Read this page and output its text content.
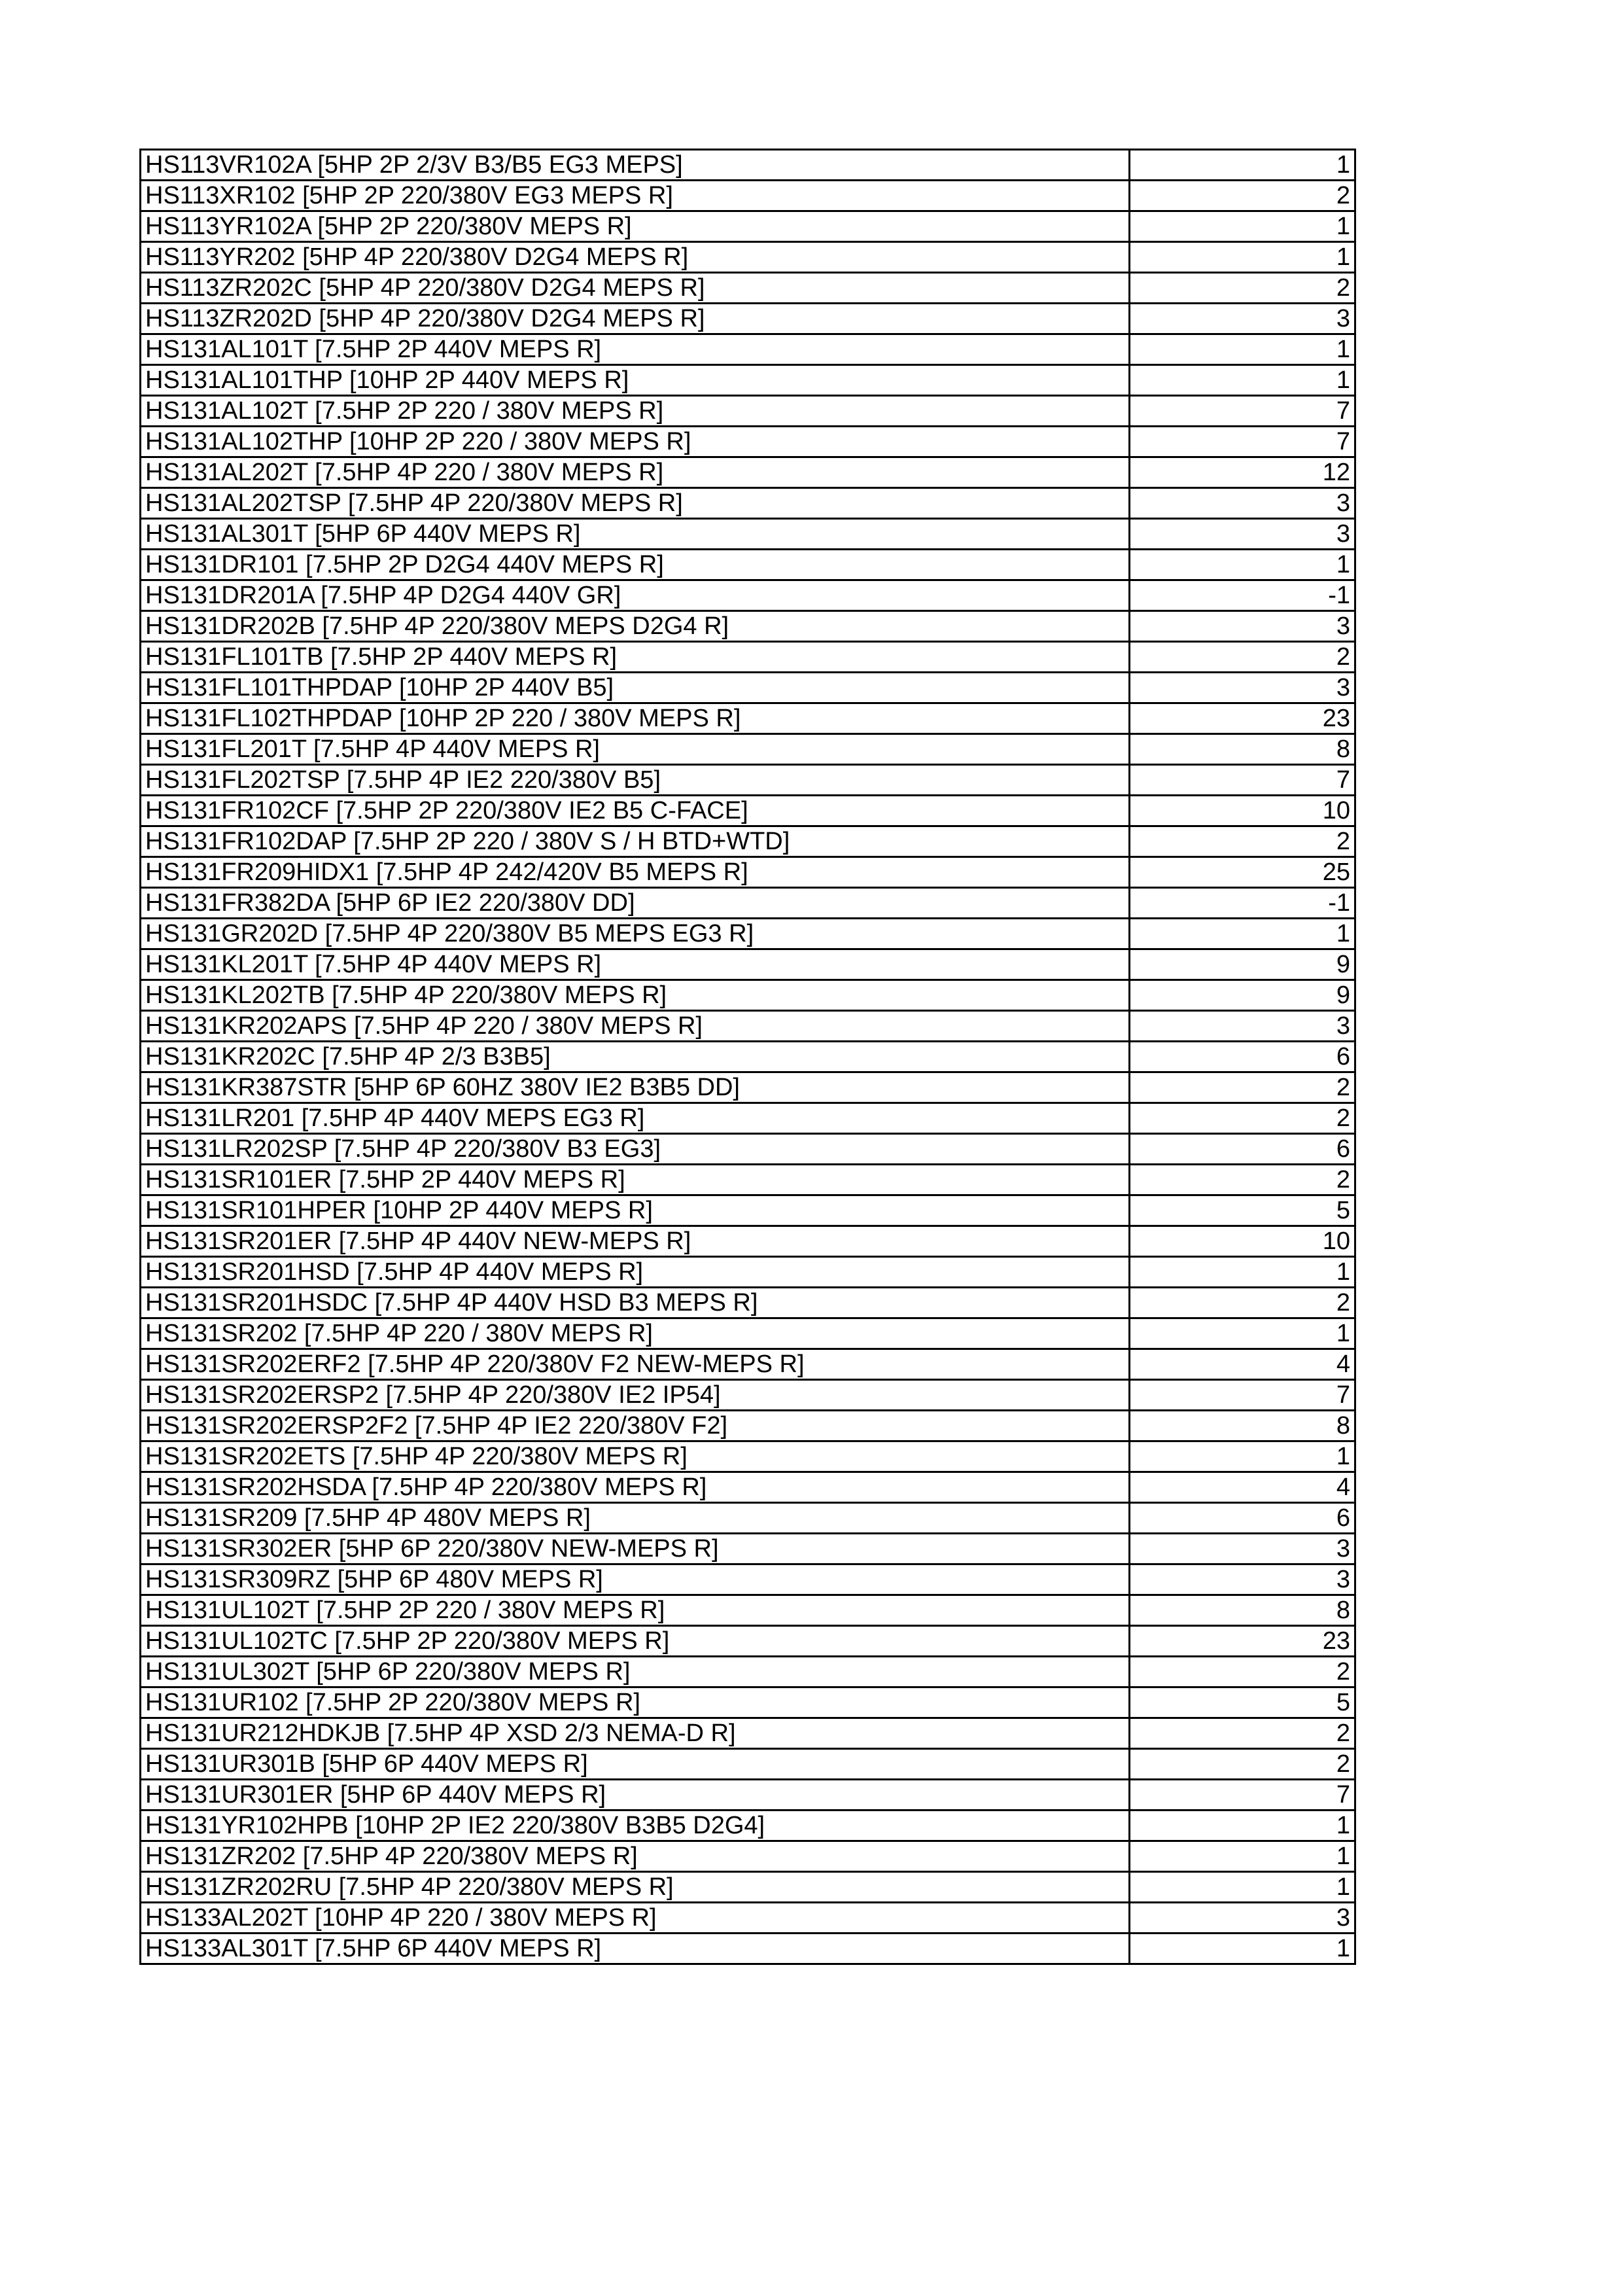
HS113VR102A [5HP 2P 2/3V B3/B5 EG3 MEPS]	1
HS113XR102 [5HP 2P 220/380V EG3 MEPS R]	2
HS113YR102A [5HP 2P 220/380V MEPS R]	1
HS113YR202 [5HP 4P 220/380V D2G4 MEPS R]	1
HS113ZR202C [5HP 4P 220/380V D2G4 MEPS R]	2
HS113ZR202D [5HP 4P 220/380V D2G4 MEPS R]	3
HS131AL101T [7.5HP 2P 440V MEPS R]	1
HS131AL101THP [10HP 2P 440V MEPS R]	1
HS131AL102T [7.5HP 2P 220 / 380V MEPS R]	7
HS131AL102THP [10HP 2P 220 / 380V MEPS R]	7
HS131AL202T [7.5HP 4P 220 / 380V MEPS R]	12
HS131AL202TSP [7.5HP 4P 220/380V MEPS R]	3
HS131AL301T [5HP 6P 440V MEPS R]	3
HS131DR101 [7.5HP 2P D2G4 440V MEPS R]	1
HS131DR201A [7.5HP 4P D2G4 440V GR]	-1
HS131DR202B [7.5HP 4P 220/380V MEPS D2G4 R]	3
HS131FL101TB [7.5HP 2P 440V MEPS R]	2
HS131FL101THPDAP [10HP 2P 440V B5]	3
HS131FL102THPDAP [10HP 2P 220 / 380V MEPS R]	23
HS131FL201T [7.5HP 4P 440V MEPS R]	8
HS131FL202TSP [7.5HP 4P IE2 220/380V B5]	7
HS131FR102CF [7.5HP 2P 220/380V IE2 B5 C-FACE]	10
HS131FR102DAP [7.5HP 2P 220 / 380V S / H BTD+WTD]	2
HS131FR209HIDX1 [7.5HP 4P 242/420V B5 MEPS R]	25
HS131FR382DA [5HP 6P IE2 220/380V DD]	-1
HS131GR202D [7.5HP 4P 220/380V B5 MEPS EG3 R]	1
HS131KL201T [7.5HP 4P 440V MEPS R]	9
HS131KL202TB [7.5HP 4P 220/380V MEPS R]	9
HS131KR202APS [7.5HP 4P 220 / 380V MEPS R]	3
HS131KR202C [7.5HP 4P 2/3 B3B5]	6
HS131KR387STR [5HP 6P 60HZ 380V IE2 B3B5 DD]	2
HS131LR201 [7.5HP 4P 440V MEPS EG3 R]	2
HS131LR202SP [7.5HP 4P 220/380V B3 EG3]	6
HS131SR101ER [7.5HP 2P 440V MEPS R]	2
HS131SR101HPER [10HP 2P 440V MEPS R]	5
HS131SR201ER [7.5HP 4P 440V NEW-MEPS R]	10
HS131SR201HSD [7.5HP 4P 440V MEPS R]	1
HS131SR201HSDC [7.5HP 4P 440V HSD B3 MEPS R]	2
HS131SR202 [7.5HP 4P 220 / 380V MEPS R]	1
HS131SR202ERF2 [7.5HP 4P 220/380V F2 NEW-MEPS R]	4
HS131SR202ERSP2 [7.5HP 4P 220/380V IE2 IP54]	7
HS131SR202ERSP2F2 [7.5HP 4P IE2 220/380V F2]	8
HS131SR202ETS [7.5HP 4P 220/380V MEPS R]	1
HS131SR202HSDA [7.5HP 4P 220/380V MEPS R]	4
HS131SR209 [7.5HP 4P 480V MEPS R]	6
HS131SR302ER [5HP 6P 220/380V NEW-MEPS R]	3
HS131SR309RZ [5HP 6P 480V MEPS R]	3
HS131UL102T [7.5HP 2P 220 / 380V MEPS R]	8
HS131UL102TC [7.5HP 2P 220/380V MEPS R]	23
HS131UL302T [5HP 6P 220/380V MEPS R]	2
HS131UR102 [7.5HP 2P 220/380V MEPS R]	5
HS131UR212HDKJB [7.5HP 4P XSD 2/3 NEMA-D R]	2
HS131UR301B [5HP 6P 440V MEPS R]	2
HS131UR301ER [5HP 6P 440V MEPS R]	7
HS131YR102HPB [10HP 2P IE2 220/380V B3B5 D2G4]	1
HS131ZR202 [7.5HP 4P 220/380V MEPS R]	1
HS131ZR202RU [7.5HP 4P 220/380V MEPS R]	1
HS133AL202T [10HP 4P 220 / 380V MEPS R]	3
HS133AL301T [7.5HP 6P 440V MEPS R]	1
